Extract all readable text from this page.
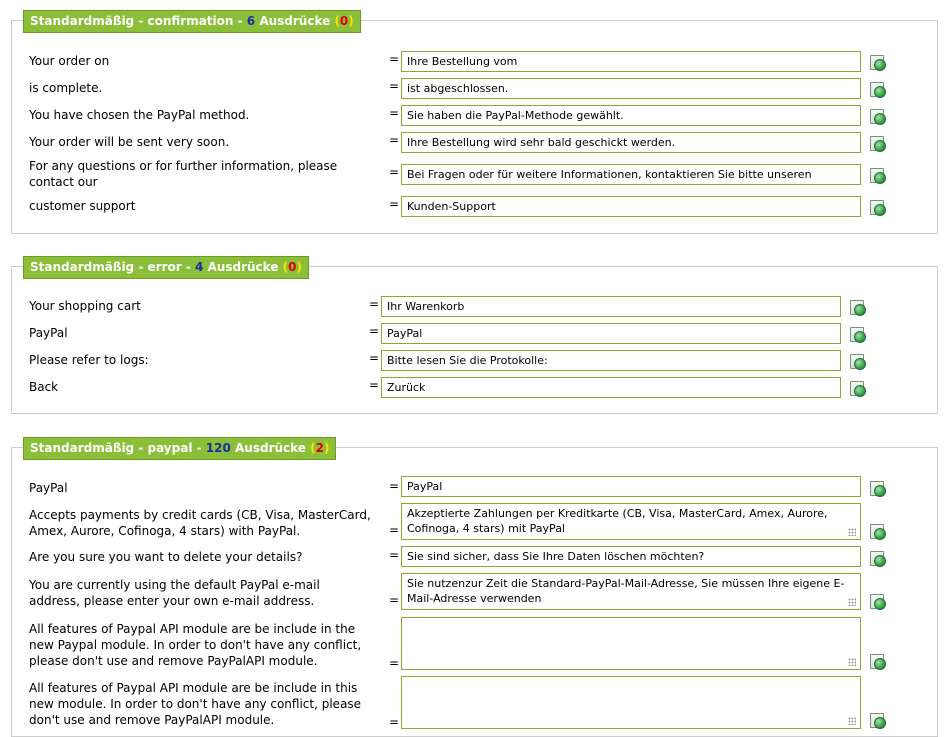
Standardmäßig - confirmation - 6 Ausdrücke (0)
Your order on	= Ihre Bestellung vom
is complete.	= ist abgeschlossen.
You have chosen the PayPal method.	= Sie haben die PayPal-Methode gewählt.
Your order will be sent very soon.	= Ihre Bestellung wird sehr bald geschickt werden.
For any questions or for further information, please contact our
= Bei Fragen oder für weitere Informationen, kontaktieren Sie bitte unseren
customer support	= Kunden-Support
Standardmäßig - error - 4 Ausdrücke (0)
Your shopping cart	= Ihr Warenkorb
PayPal	= PayPal
Please refer to logs:	= Bitte lesen Sie die Protokolle:
Back	= Zurück
Standardmäßig - paypal - 120 Ausdrücke (2)
PayPal	= PayPal
Accepts payments by credit cards (CB, Visa, MasterCard, Amex, Aurore, Cofinoga, 4 stars) with PayPal.	=
Akzeptierte Zahlungen per Kreditkarte (CB, Visa, MasterCard, Amex, Aurore, Cofinoga, 4 stars) mit PayPal
Are you sure you want to delete your details?	= Sie sind sicher, dass Sie Ihre Daten löschen möchten?
You are currently using the default PayPal e-mail address, please enter your own e-mail address.	=
Sie nutzenzur Zeit die Standard-PayPal-Mail-Adresse, Sie müssen Ihre eigene E-Mail-Adresse verwenden
All features of Paypal API module are be include in the new Paypal module. In order to don't have any conflict, please don't use and remove PayPalAPI module.	=
All features of Paypal API module are be include in this new module. In order to don't have any conflict, please don't use and remove PayPalAPI module.	=
